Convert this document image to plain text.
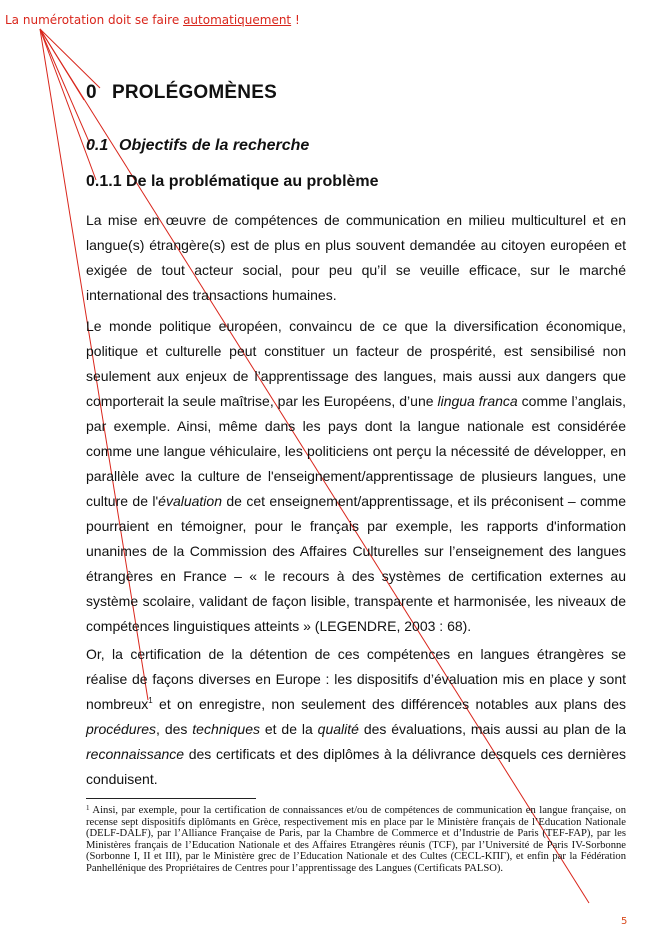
La numérotation doit se faire automatiquement !
0 PROLÉGOMÈNES
0.1 Objectifs de la recherche
0.1.1 De la problématique au problème

La mise en œuvre de compétences de communication en milieu multiculturel et en langue(s) étrangère(s) est de plus en plus souvent demandée au citoyen européen et exigée de tout acteur social, pour peu qu’il se veuille efficace, sur le marché international des transactions humaines.

Le monde politique européen, convaincu de ce que la diversification économique, politique et culturelle peut constituer un facteur de prospérité, est sensibilisé non seulement aux enjeux de l’apprentissage des langues, mais aussi aux dangers que comporterait la seule maîtrise, par les Européens, d’une lingua franca comme l’anglais, par exemple. Ainsi, même dans les pays dont la langue nationale est considérée comme une langue véhiculaire, les politiciens ont perçu la nécessité de développer, en parallèle avec la culture de l'enseignement/apprentissage de plusieurs langues, une culture de l'évaluation de cet enseignement/apprentissage, et ils préconisent – comme pourraient en témoigner, pour le français par exemple, les rapports d'information unanimes de la Commission des Affaires Culturelles sur l’enseignement des langues étrangères en France – « le recours à des systèmes de certification externes au système scolaire, validant de façon lisible, transparente et harmonisée, les niveaux de compétences linguistiques atteints » (LEGENDRE, 2003 : 68).

Or, la certification de la détention de ces compétences en langues étrangères se réalise de façons diverses en Europe : les dispositifs d’évaluation mis en place y sont nombreux$^1$ et on enregistre, non seulement des différences notables aux plans des procédures, des techniques et de la qualité des évaluations, mais aussi au plan de la reconnaissance des certificats et des diplômes à la délivrance desquels ces dernières conduisent.

$^1$ Ainsi, par exemple, pour la certification de connaissances et/ou de compétences de communication en langue française, on recense sept dispositifs diplômants en Grèce, respectivement mis en place par le Ministère français de l’Education Nationale (DELF-DALF), par l’Alliance Française de Paris, par la Chambre de Commerce et d’Industrie de Paris (TEF-FAP), par les Ministères français de l’Education Nationale et des Affaires Etrangères réunis (TCF), par l’Université de Paris IV-Sorbonne (Sorbonne I, II et III), par le Ministère grec de l’Education Nationale et des Cultes (CECL-KПГ), et enfin par la Fédération Panhellénique des Propriétaires de Centres pour l’apprentissage des Langues (Certificats PALSO).

5
